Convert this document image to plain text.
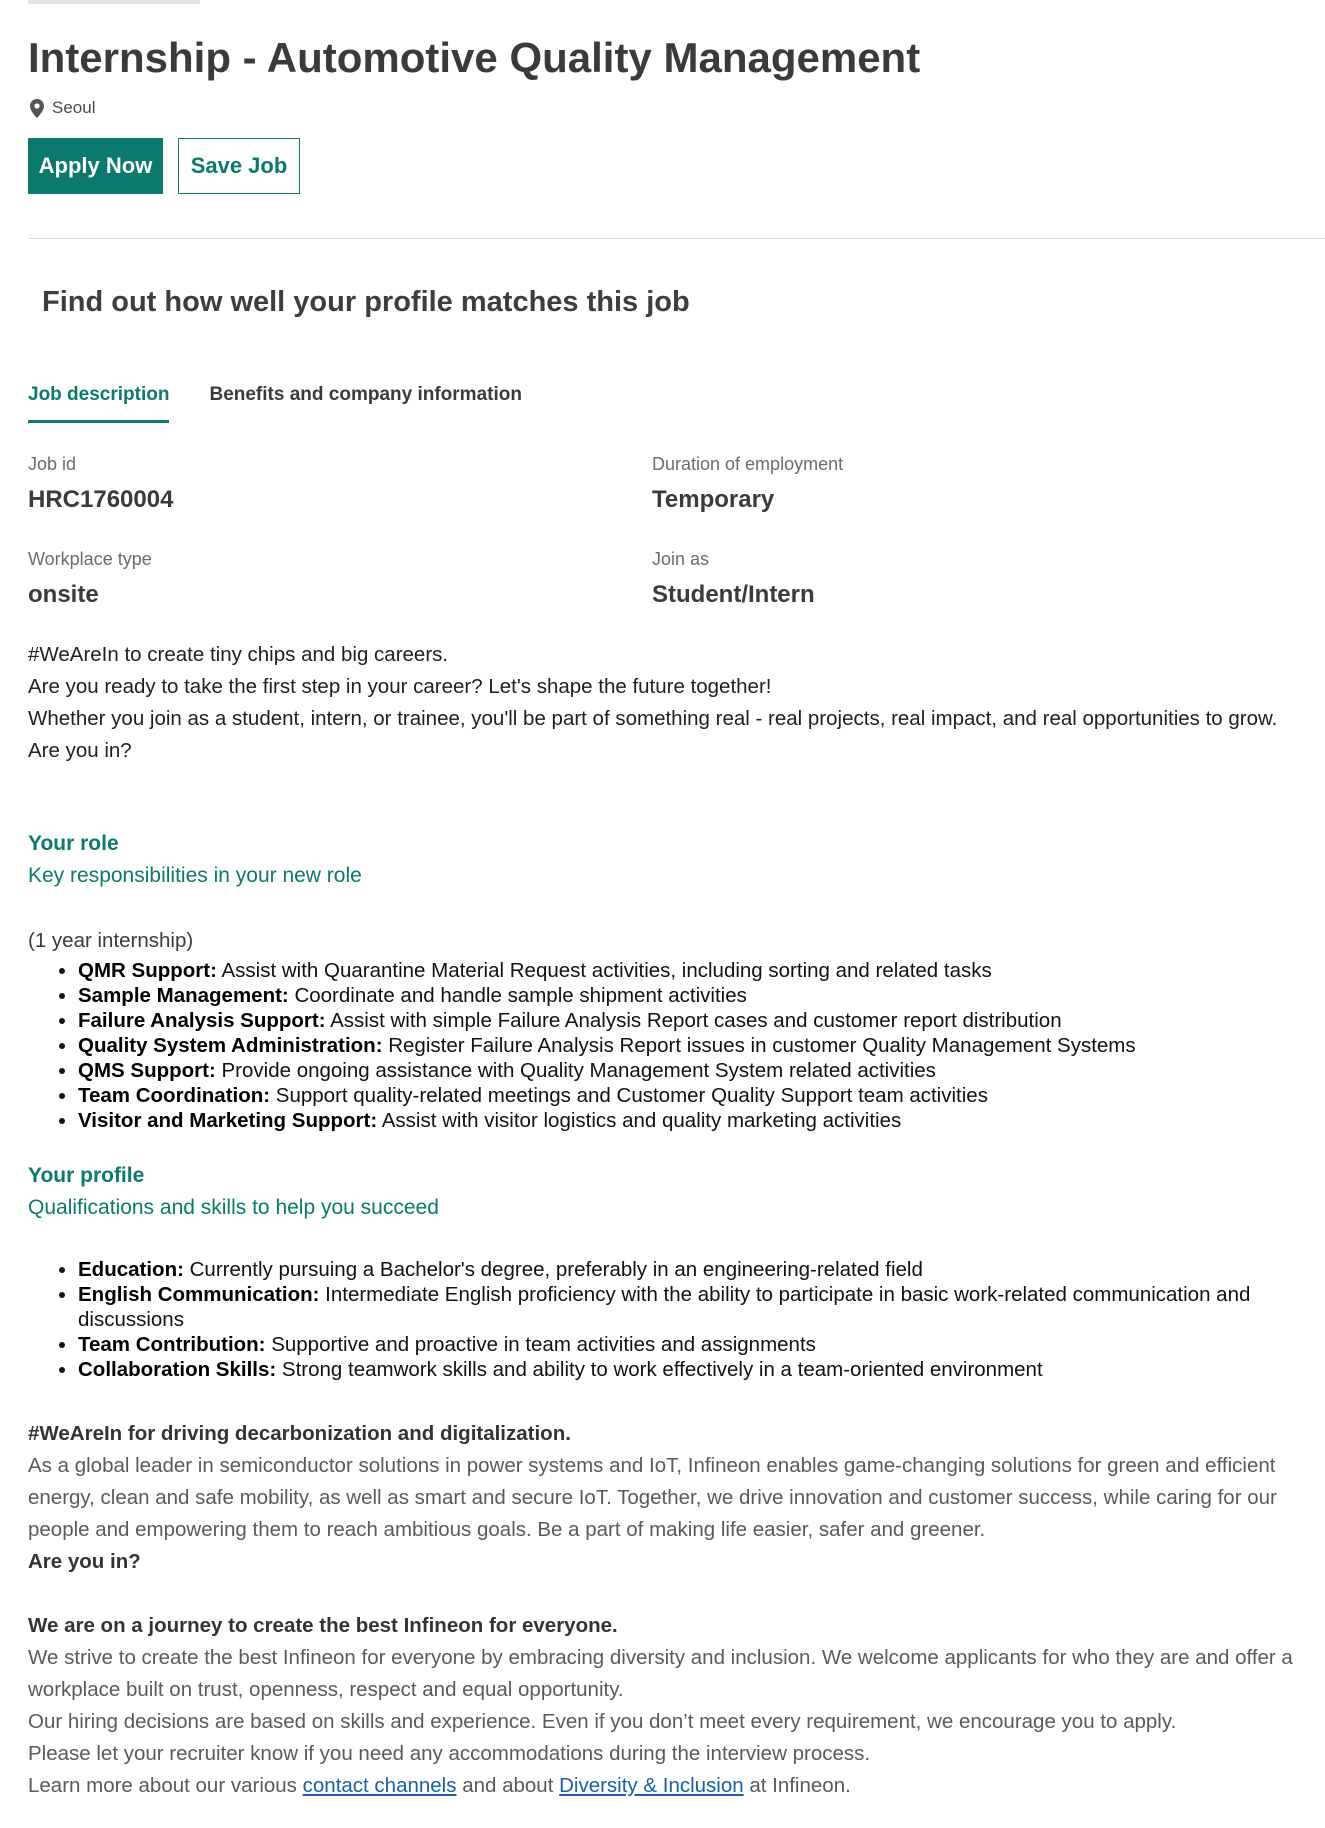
Internship - Automotive Quality Management
Seoul
Apply Now	Save Job
Find out how well your profile matches this job
Job description Benefits and company information
Job id
HRC1760004
Duration of employment
Temporary
Workplace type
onsite
Join as
Student/Intern

#WeAreIn to create tiny chips and big careers.

Are you ready to take the first step in your career? Let's shape the future together!

Whether you join as a student, intern, or trainee, you'll be part of something real - real projects, real impact, and real opportunities to grow.

Are you in?

Your role
Key responsibilities in your new role
(1 year internship)
• QMR Support: Assist with Quarantine Material Request activities, including sorting and related tasks
• Sample Management: Coordinate and handle sample shipment activities
• Failure Analysis Support: Assist with simple Failure Analysis Report cases and customer report distribution
• Quality System Administration: Register Failure Analysis Report issues in customer Quality Management Systems
• QMS Support: Provide ongoing assistance with Quality Management System related activities
• Team Coordination: Support quality-related meetings and Customer Quality Support team activities
• Visitor and Marketing Support: Assist with visitor logistics and quality marketing activities
Your profile
Qualifications and skills to help you succeed
• Education: Currently pursuing a Bachelor's degree, preferably in an engineering-related field
• English Communication: Intermediate English proficiency with the ability to participate in basic work-related communication and discussions
• Team Contribution: Supportive and proactive in team activities and assignments
• Collaboration Skills: Strong teamwork skills and ability to work effectively in a team-oriented environment

#WeAreIn for driving decarbonization and digitalization.

As a global leader in semiconductor solutions in power systems and IoT, Infineon enables game-changing solutions for green and efficient energy, clean and safe mobility, as well as smart and secure IoT. Together, we drive innovation and customer success, while caring for our people and empowering them to reach ambitious goals. Be a part of making life easier, safer and greener.

Are you in?

We are on a journey to create the best Infineon for everyone.

We strive to create the best Infineon for everyone by embracing diversity and inclusion. We welcome applicants for who they are and offer a workplace built on trust, openness, respect and equal opportunity.

Our hiring decisions are based on skills and experience. Even if you don’t meet every requirement, we encourage you to apply.

Please let your recruiter know if you need any accommodations during the interview process.

Learn more about our various contact channels and about Diversity & Inclusion at Infineon.
